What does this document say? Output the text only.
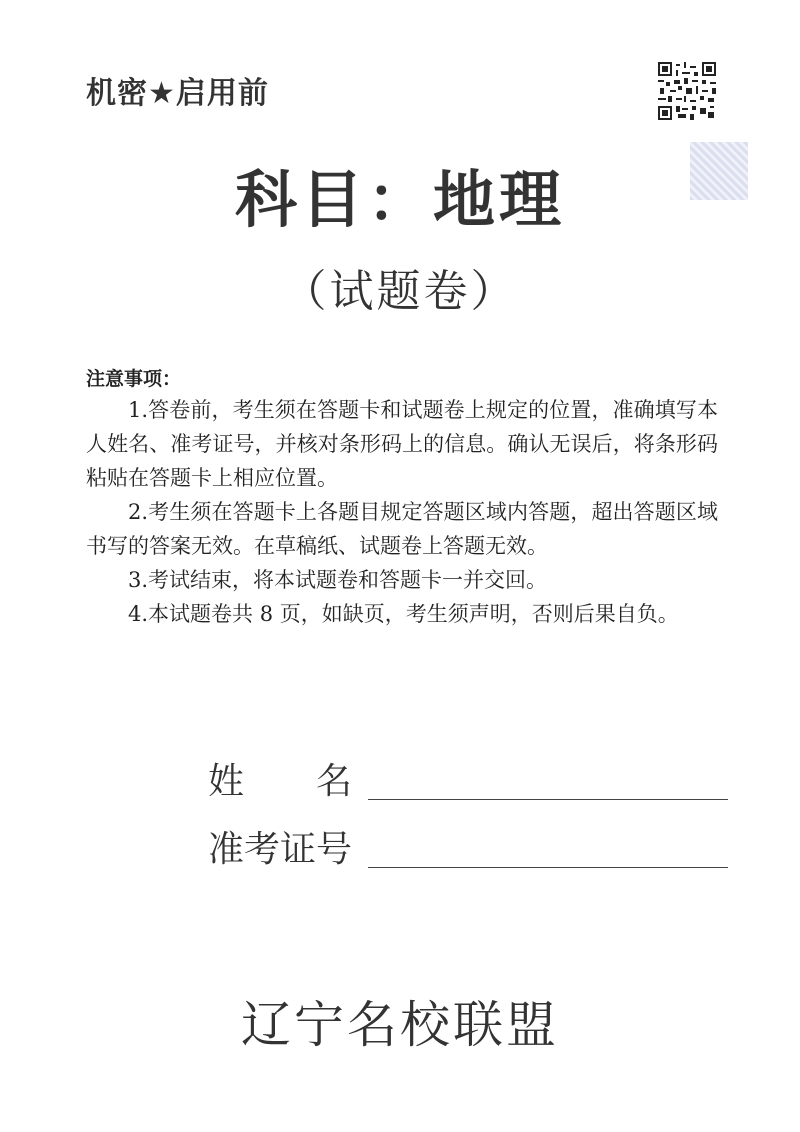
机密★启用前
科目：地理
（试题卷）
注意事项：

1.答卷前，考生须在答题卡和试题卷上规定的位置，准确填写本人姓名、准考证号，并核对条形码上的信息。确认无误后，将条形码粘贴在答题卡上相应位置。

2.考生须在答题卡上各题目规定答题区域内答题，超出答题区域书写的答案无效。在草稿纸、试题卷上答题无效。

3.考试结束，将本试题卷和答题卡一并交回。

4.本试题卷共 8 页，如缺页，考生须声明，否则后果自负。

姓　　名
准考证号
辽宁名校联盟
